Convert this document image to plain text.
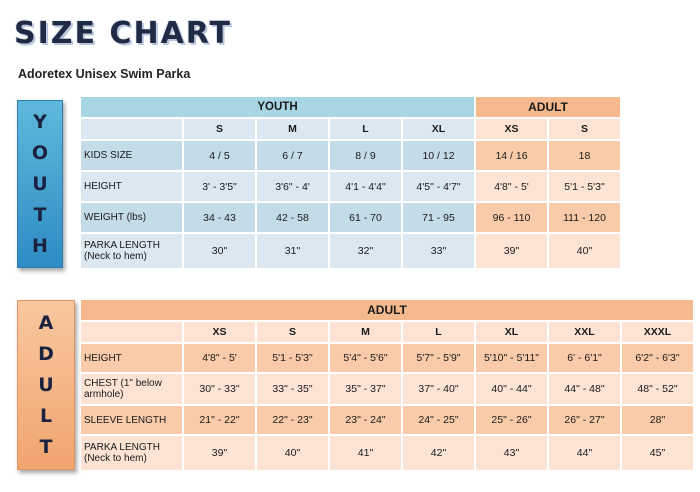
SIZE CHART
Adoretex Unisex Swim Parka
Y
O
U
T
H
YOUTH					ADULT	
	S	M	L	XL	XS	S
KIDS SIZE	4 / 5	6 / 7	8 / 9	10 / 12	14 / 16	18
HEIGHT	3' - 3'5"	3'6" - 4'	4'1 - 4'4"	4'5" - 4'7"	4'8" - 5'	5'1 - 5'3"
WEIGHT (lbs)	34 - 43	42 - 58	61 - 70	71 - 95	96 - 110	111 - 120
PARKA LENGTH
(Neck to hem)	30"	31"	32"	33"	39"	40"
A
D
U
L
T
ADULT							
	XS	S	M	L	XL	XXL	XXXL
HEIGHT	4'8" - 5'	5'1 - 5'3"	5'4" - 5'6"	5'7" - 5'9"	5'10" - 5'11"	6' - 6'1"	6'2" - 6'3"
CHEST (1" below
armhole)	30" - 33"	33" - 35"	35" - 37"	37" - 40"	40" - 44"	44" - 48"	48" - 52"
SLEEVE LENGTH	21" - 22"	22" - 23"	23" - 24"	24" - 25"	25" - 26"	26" - 27"	28"
PARKA LENGTH
(Neck to hem)	39"	40"	41"	42"	43"	44"	45"
